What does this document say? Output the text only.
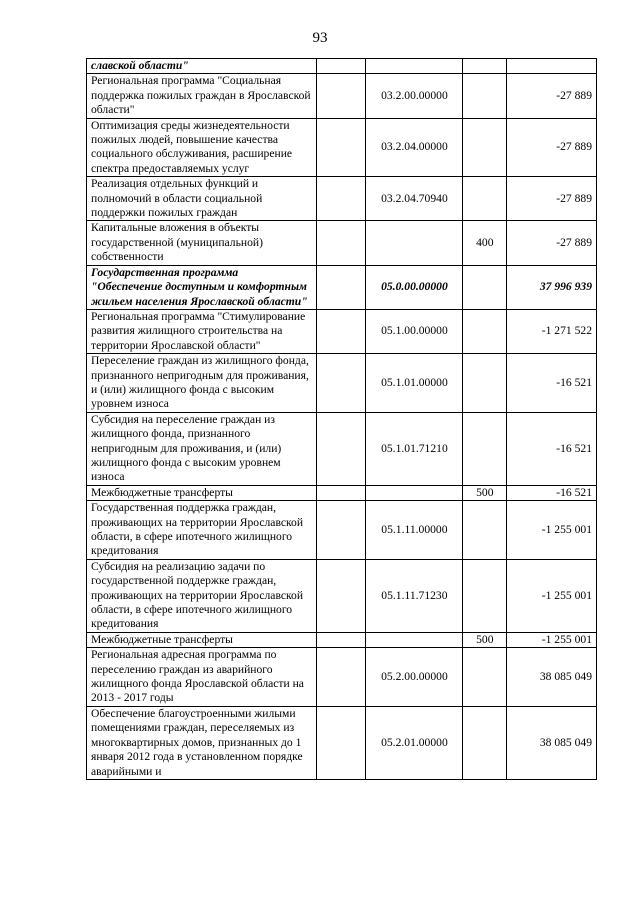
93
славской области"				
Региональная программа "Социальная поддержка пожилых граждан в Ярославской области"		03.2.00.00000		-27 889
Оптимизация среды жизнедеятельности пожилых людей, повышение качества социального обслуживания, расширение спектра предоставляемых услуг		03.2.04.00000		-27 889
Реализация отдельных функций и полномочий в области социальной поддержки пожилых граждан		03.2.04.70940		-27 889
Капитальные вложения в объекты государственной (муниципальной) собственности			400	-27 889
Государственная программа "Обеспечение доступным и комфортным жильем населения Ярославской области"		05.0.00.00000		37 996 939
Региональная программа "Стимулирование развития жилищного строительства на территории Ярославской области"		05.1.00.00000		-1 271 522
Переселение граждан из жилищного фонда, признанного непригодным для проживания, и (или) жилищного фонда с высоким уровнем износа		05.1.01.00000		-16 521
Субсидия на переселение граждан из жилищного фонда, признанного непригодным для проживания, и (или) жилищного фонда с высоким уровнем износа		05.1.01.71210		-16 521
Межбюджетные трансферты			500	-16 521
Государственная поддержка граждан, проживающих на территории Ярославской области, в сфере ипотечного жилищного кредитования		05.1.11.00000		-1 255 001
Субсидия на реализацию задачи по государственной поддержке граждан, проживающих на территории Ярославской области, в сфере ипотечного жилищного кредитования		05.1.11.71230		-1 255 001
Межбюджетные трансферты			500	-1 255 001
Региональная адресная программа по переселению граждан из аварийного жилищного фонда Ярославской области на 2013 - 2017 годы		05.2.00.00000		38 085 049
Обеспечение благоустроенными жилыми помещениями граждан, переселяемых из многоквартирных домов, признанных до 1 января 2012 года в установленном порядке аварийными и		05.2.01.00000		38 085 049
